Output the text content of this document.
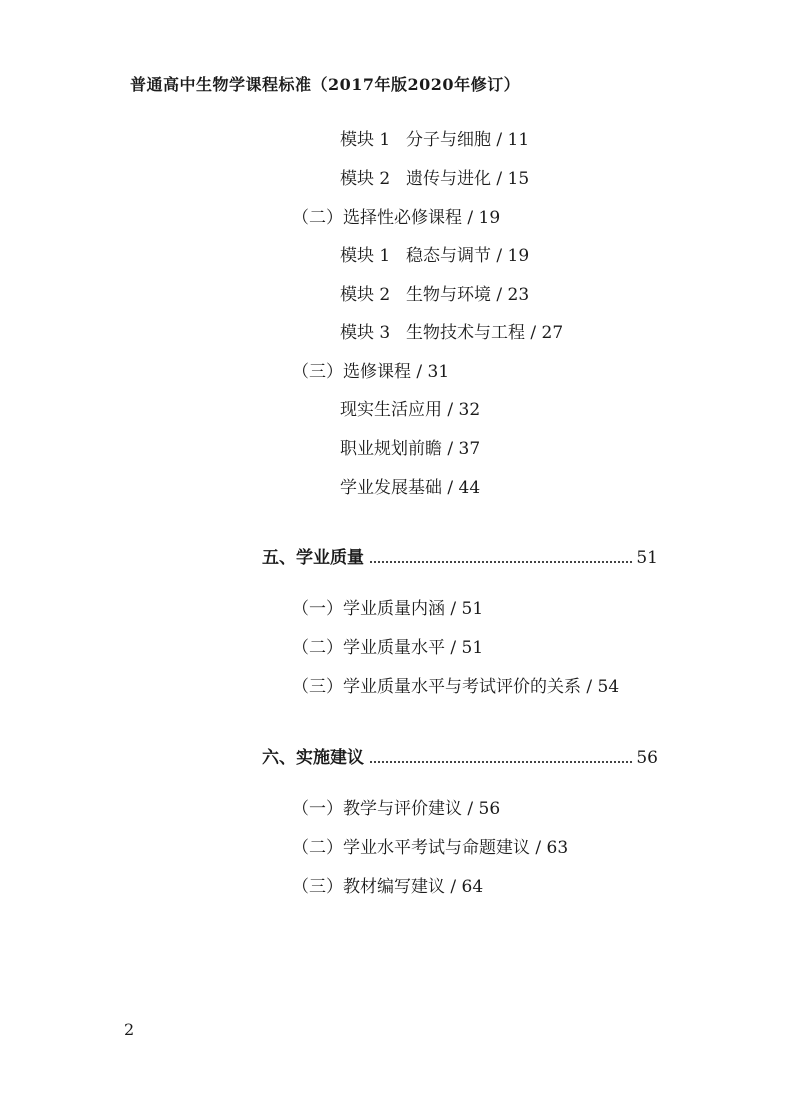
普通高中生物学课程标准（2017年版2020年修订）
模块 1 分子与细胞 / 11
模块 2 遗传与进化 / 15
（二）选择性必修课程 / 19
模块 1 稳态与调节 / 19
模块 2 生物与环境 / 23
模块 3 生物技术与工程 / 27
（三）选修课程 / 31
现实生活应用 / 32
职业规划前瞻 / 37
学业发展基础 / 44
五、学业质量	51
（一）学业质量内涵 / 51
（二）学业质量水平 / 51
（三）学业质量水平与考试评价的关系 / 54
六、实施建议	56
（一）教学与评价建议 / 56
（二）学业水平考试与命题建议 / 63
（三）教材编写建议 / 64
2
